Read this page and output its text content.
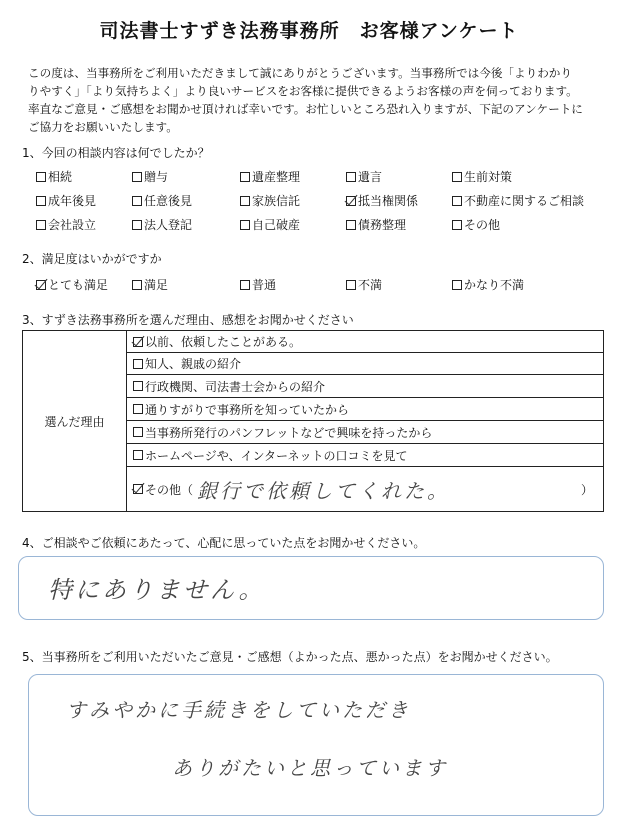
司法書士すずき法務事務所　お客様アンケート

この度は、当事務所をご利用いただきまして誠にありがとうございます。当事務所では今後「よりわかり

りやすく」「より気持ちよく」より良いサービスをお客様に提供できるようお客様の声を伺っております。

率直なご意見・ご感想をお聞かせ頂ければ幸いです。お忙しいところ恐れ入りますが、下記のアンケートに

ご協力をお願いいたします。

1、今回の相談内容は何でしたか？
相続	贈与	遺産整理	遺言	生前対策
成年後見	任意後見	家族信託	抵当権関係	不動産に関するご相談
会社設立	法人登記	自己破産	債務整理	その他
2、満足度はいかがですか
とても満足	満足	普通	不満	かなり不満
3、すずき法務事務所を選んだ理由、感想をお聞かせください
選んだ理由
以前、依頼したことがある。
知人、親戚の紹介
行政機関、司法書士会からの紹介
通りすがりで事務所を知っていたから
当事務所発行のパンフレットなどで興味を持ったから
ホームページや、インターネットの口コミを見て
その他（ 銀行で依頼してくれた。	）
4、ご相談やご依頼にあたって、心配に思っていた点をお聞かせください。
特にありません。
5、当事務所をご利用いただいたご意見・ご感想（よかった点、悪かった点）をお聞かせください。
すみやかに手続きをしていただき
ありがたいと思っています
